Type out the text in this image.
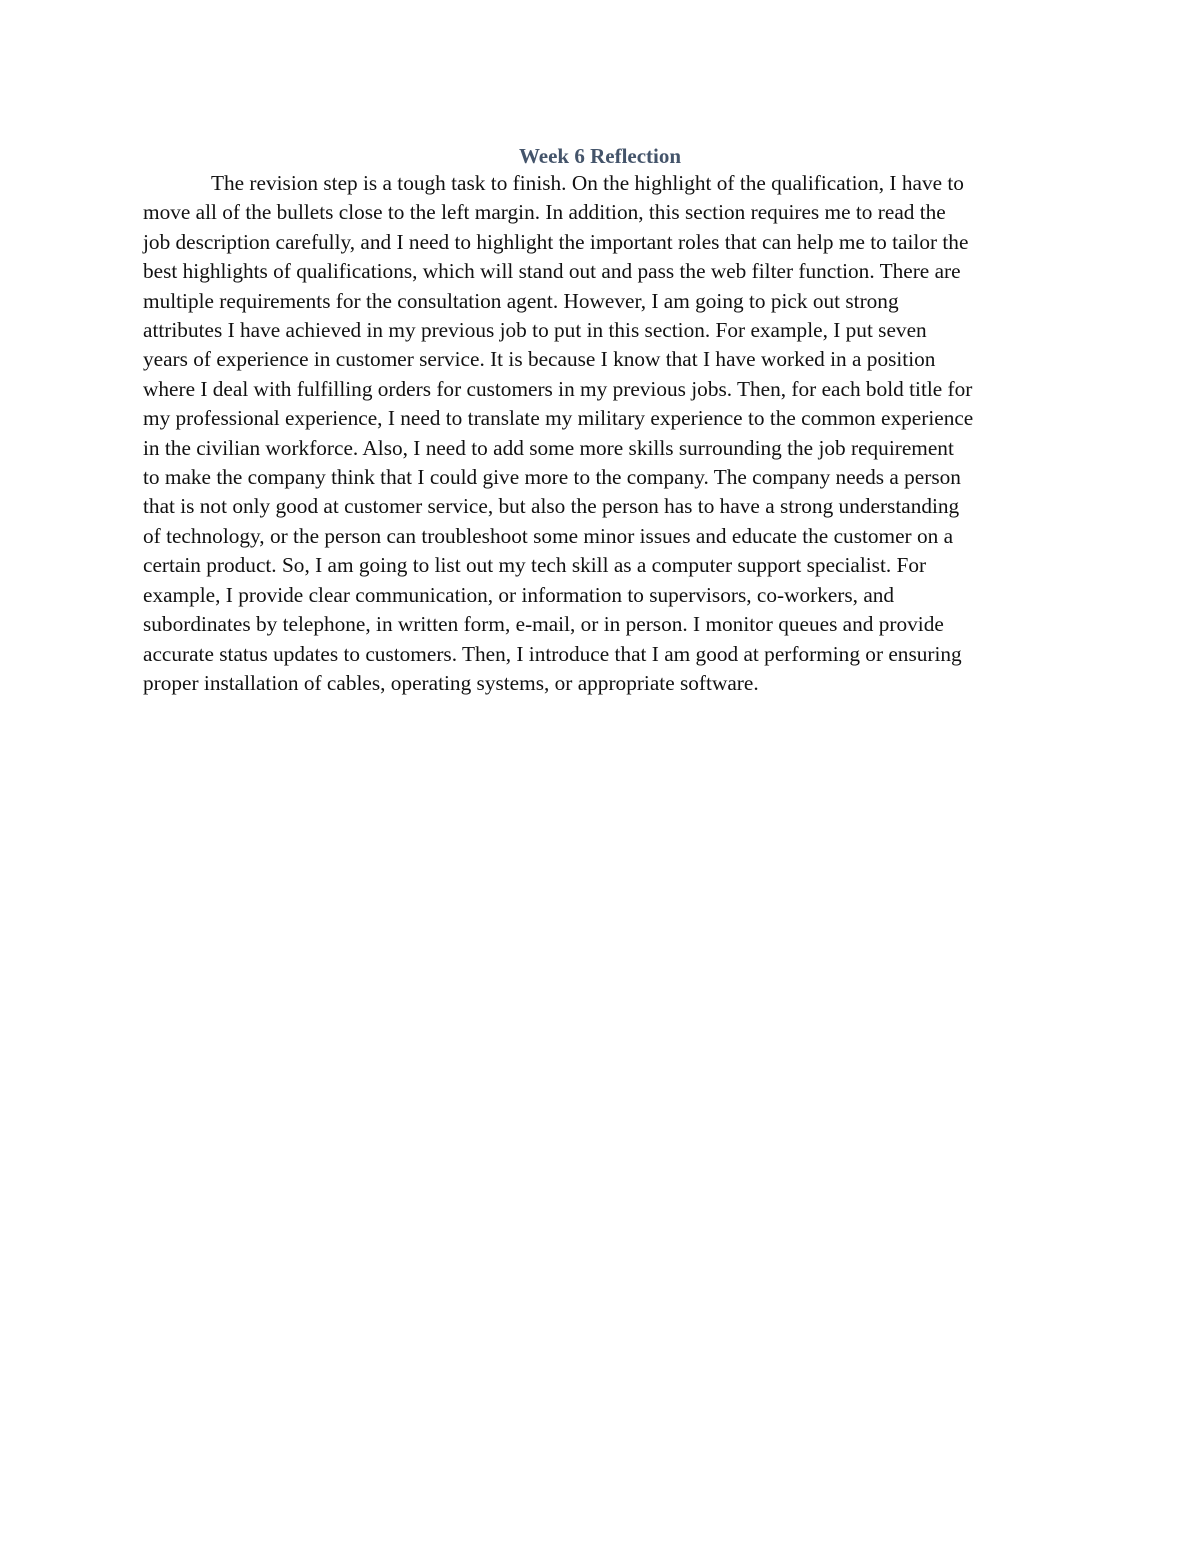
Week 6 Reflection
The revision step is a tough task to finish. On the highlight of the qualification, I have to
move all of the bullets close to the left margin. In addition, this section requires me to read the
job description carefully, and I need to highlight the important roles that can help me to tailor the
best highlights of qualifications, which will stand out and pass the web filter function. There are
multiple requirements for the consultation agent. However, I am going to pick out strong
attributes I have achieved in my previous job to put in this section. For example, I put seven
years of experience in customer service. It is because I know that I have worked in a position
where I deal with fulfilling orders for customers in my previous jobs. Then, for each bold title for
my professional experience, I need to translate my military experience to the common experience
in the civilian workforce. Also, I need to add some more skills surrounding the job requirement
to make the company think that I could give more to the company. The company needs a person
that is not only good at customer service, but also the person has to have a strong understanding
of technology, or the person can troubleshoot some minor issues and educate the customer on a
certain product. So, I am going to list out my tech skill as a computer support specialist. For
example, I provide clear communication, or information to supervisors, co-workers, and
subordinates by telephone, in written form, e-mail, or in person. I monitor queues and provide
accurate status updates to customers. Then, I introduce that I am good at performing or ensuring
proper installation of cables, operating systems, or appropriate software.
